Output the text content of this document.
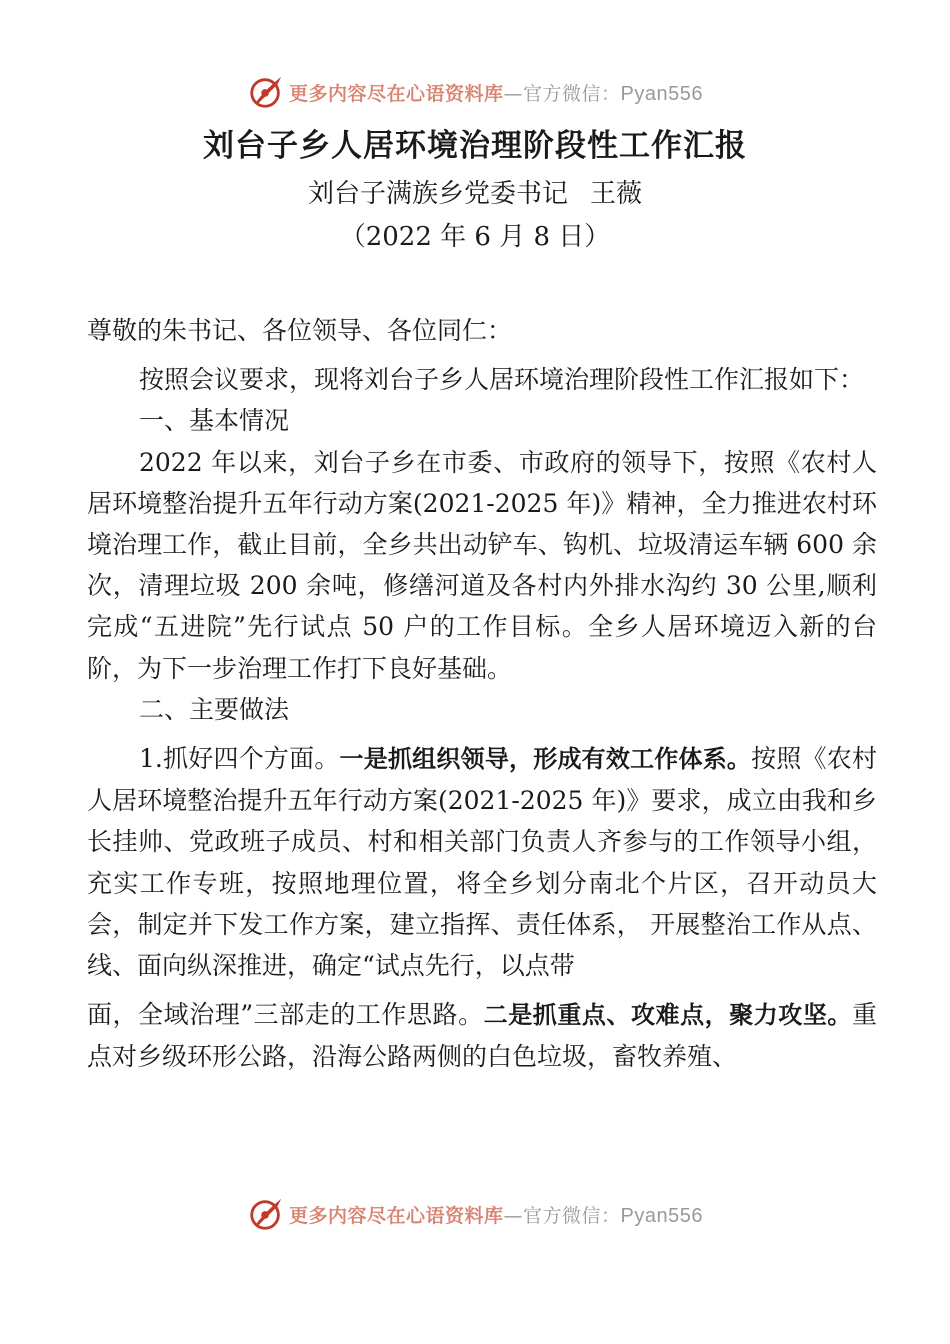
更多内容尽在心语资料库—官方微信：Pyan556
刘台子乡人居环境治理阶段性工作汇报
刘台子满族乡党委书记 王薇
（2022 年 6 月 8 日）

尊敬的朱书记、各位领导、各位同仁：

按照会议要求，现将刘台子乡人居环境治理阶段性工作汇报如下：

一、基本情况

2022 年以来，刘台子乡在市委、市政府的领导下，按照《农村人居环境整治提升五年行动方案(2021-2025 年)》精神，全力推进农村环境治理工作，截止目前，全乡共出动铲车、钩机、垃圾清运车辆 600 余次，清理垃圾 200 余吨，修缮河道及各村内外排水沟约 30 公里,顺利完成“五进院”先行试点 50 户的工作目标。全乡人居环境迈入新的台阶，为下一步治理工作打下良好基础。

二、主要做法

1.抓好四个方面。一是抓组织领导，形成有效工作体系。按照《农村人居环境整治提升五年行动方案(2021-2025 年)》要求，成立由我和乡长挂帅、党政班子成员、村和相关部门负责人齐参与的工作领导小组，充实工作专班，按照地理位置，将全乡划分南北个片区，召开动员大会，制定并下发工作方案，建立指挥、责任体系， 开展整治工作从点、线、面向纵深推进，确定“试点先行，以点带

面，全域治理”三部走的工作思路。二是抓重点、攻难点，聚力攻坚。重点对乡级环形公路，沿海公路两侧的白色垃圾，畜牧养殖、

更多内容尽在心语资料库—官方微信：Pyan556
